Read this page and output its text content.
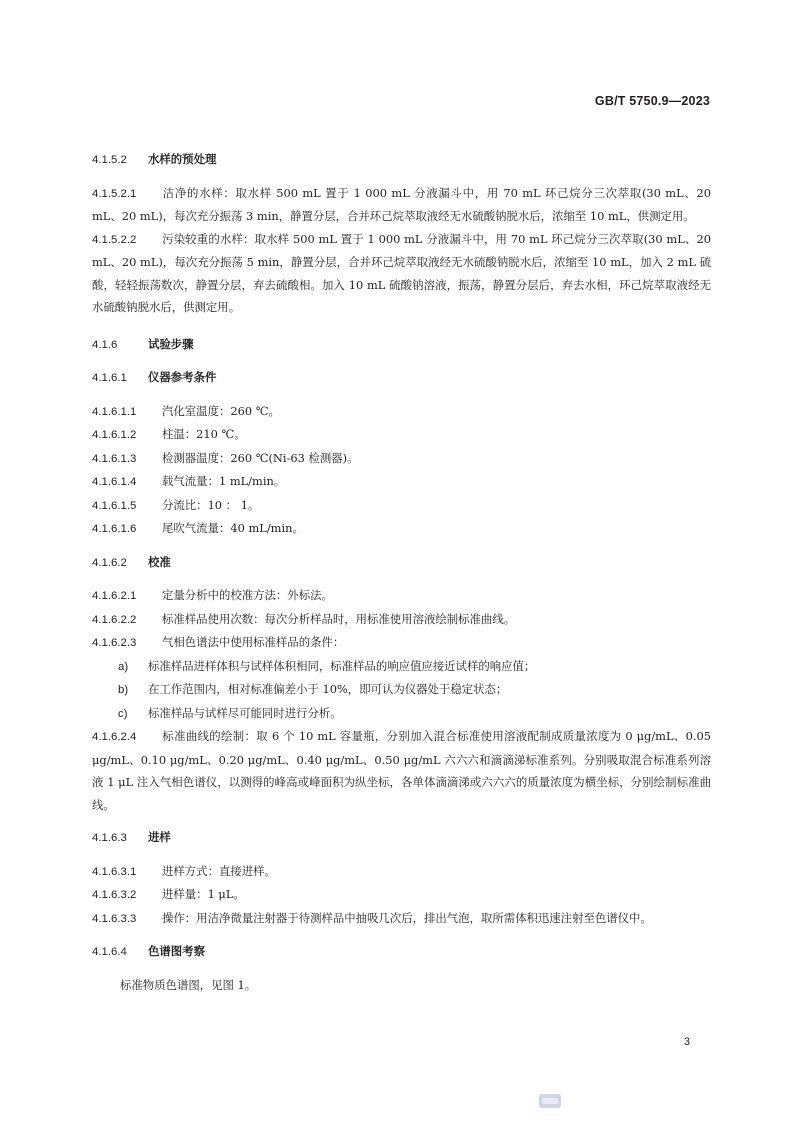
GB/T 5750.9—2023
4.1.5.2 水样的预处理

4.1.5.2.1 洁净的水样：取水样 500 mL 置于 1 000 mL 分液漏斗中，用 70 mL 环己烷分三次萃取(30 mL、20 mL、20 mL)，每次充分振荡 3 min，静置分层，合并环己烷萃取液经无水硫酸钠脱水后，浓缩至 10 mL，供测定用。

4.1.5.2.2 污染较重的水样：取水样 500 mL 置于 1 000 mL 分液漏斗中，用 70 mL 环己烷分三次萃取(30 mL、20 mL、20 mL)，每次充分振荡 5 min，静置分层，合并环己烷萃取液经无水硫酸钠脱水后，浓缩至 10 mL，加入 2 mL 硫酸，轻轻振荡数次，静置分层，弃去硫酸相。加入 10 mL 硫酸钠溶液，振荡，静置分层后，弃去水相，环己烷萃取液经无水硫酸钠脱水后，供测定用。

4.1.6	试验步骤
4.1.6.1 仪器参考条件

4.1.6.1.1 汽化室温度：260 ℃。

4.1.6.1.2 柱温：210 ℃。

4.1.6.1.3 检测器温度：260 ℃(Ni-63 检测器)。

4.1.6.1.4 载气流量：1 mL/min。

4.1.6.1.5 分流比：10 ： 1。

4.1.6.1.6 尾吹气流量：40 mL/min。

4.1.6.2 校准

4.1.6.2.1 定量分析中的校准方法：外标法。

4.1.6.2.2 标准样品使用次数：每次分析样品时，用标准使用溶液绘制标准曲线。

4.1.6.2.3 气相色谱法中使用标准样品的条件：

a) 标准样品进样体积与试样体积相同，标准样品的响应值应接近试样的响应值；
b) 在工作范围内，相对标准偏差小于 10%，即可认为仪器处于稳定状态；
c) 标准样品与试样尽可能同时进行分析。

4.1.6.2.4 标准曲线的绘制：取 6 个 10 mL 容量瓶，分别加入混合标准使用溶液配制成质量浓度为 0 μg/mL、0.05 μg/mL、0.10 μg/mL、0.20 μg/mL、0.40 μg/mL、0.50 μg/mL 六六六和滴滴涕标准系列。分别吸取混合标准系列溶液 1 μL 注入气相色谱仪，以测得的峰高或峰面积为纵坐标，各单体滴滴涕或六六六的质量浓度为横坐标，分别绘制标准曲线。

4.1.6.3 进样

4.1.6.3.1 进样方式：直接进样。

4.1.6.3.2 进样量：1 μL。

4.1.6.3.3 操作：用洁净微量注射器于待测样品中抽吸几次后，排出气泡，取所需体积迅速注射至色谱仪中。

4.1.6.4 色谱图考察

标准物质色谱图，见图 1。

3
